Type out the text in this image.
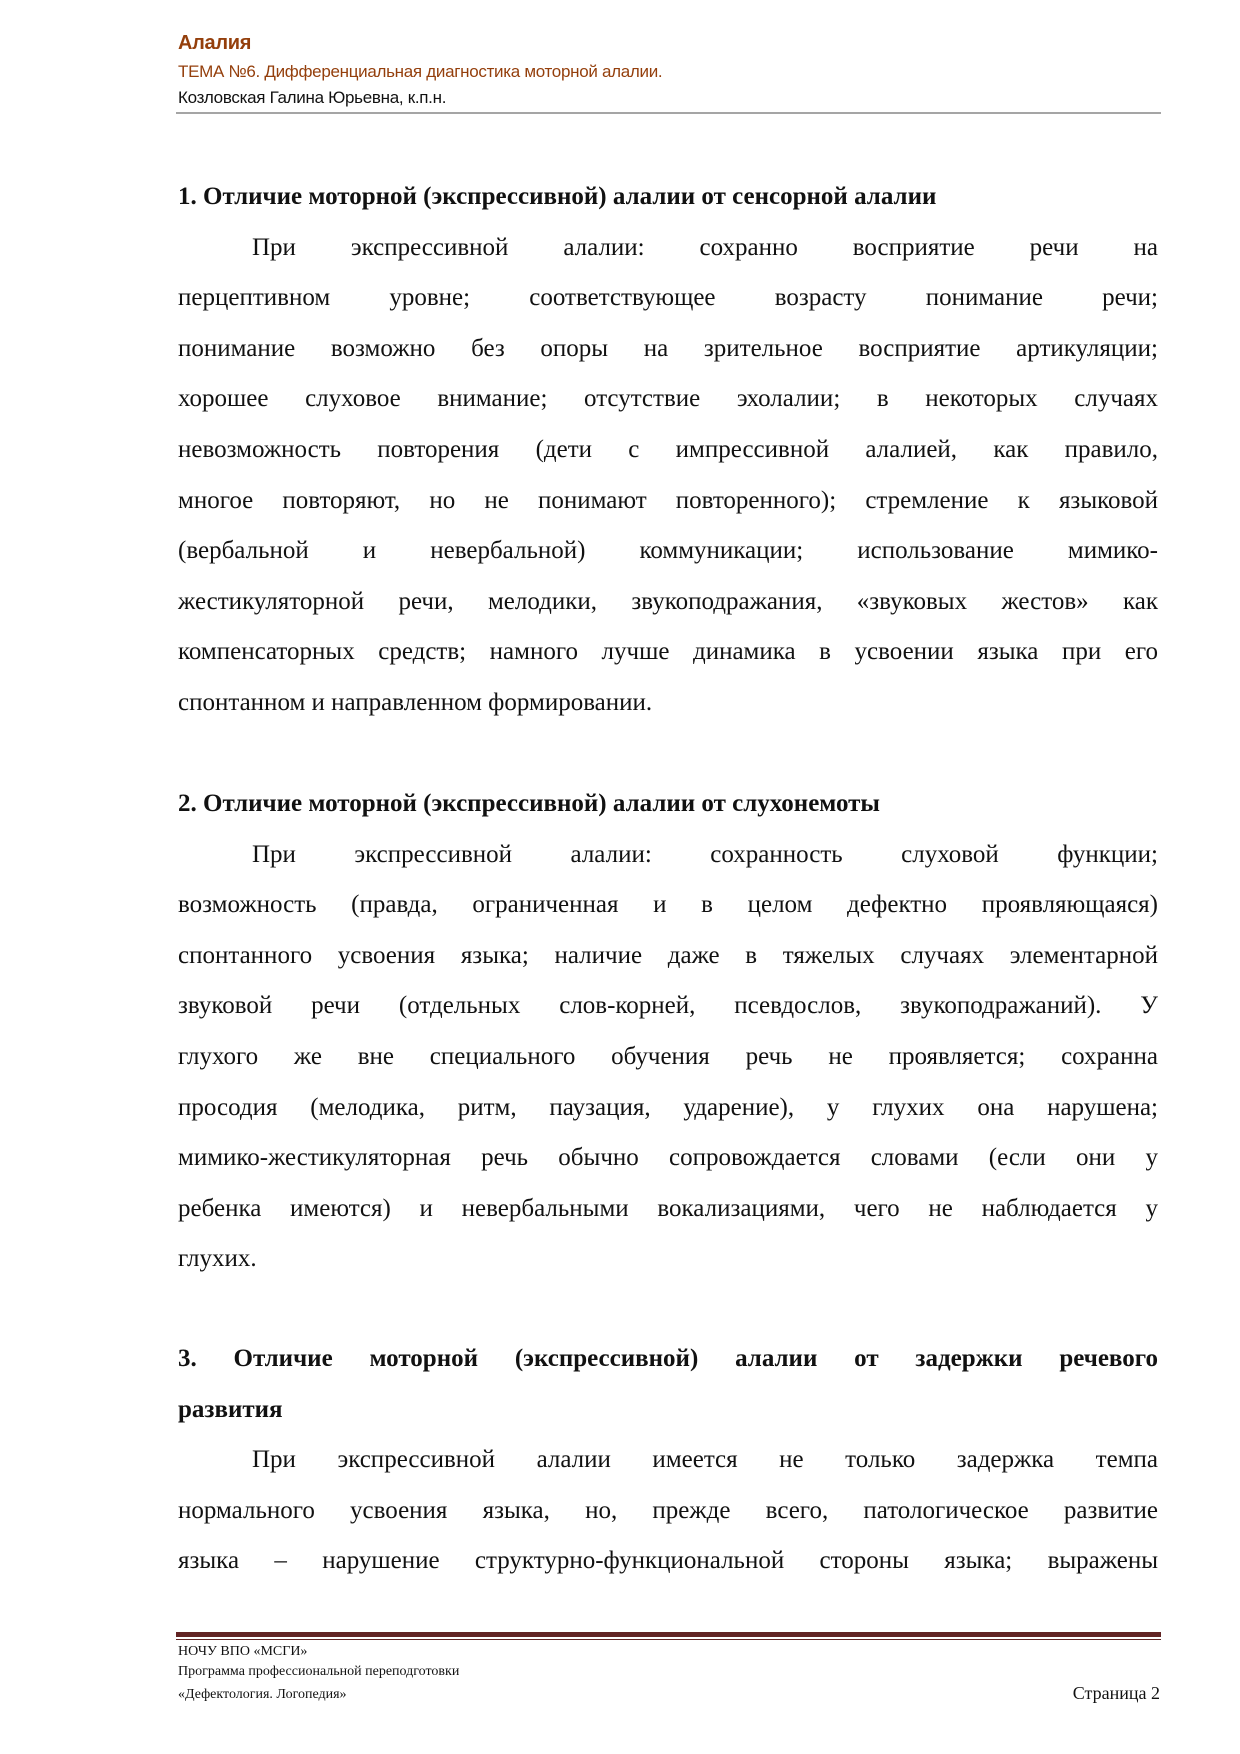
Алалия
ТЕМА №6. Дифференциальная диагностика моторной алалии.
Козловская Галина Юрьевна, к.п.н.
1. Отличие моторной (экспрессивной) алалии от сенсорной алалии
При экспрессивной алалии: сохранно восприятие речи на
перцептивном уровне; соответствующее возрасту понимание речи;
понимание возможно без опоры на зрительное восприятие артикуляции;
хорошее слуховое внимание; отсутствие эхолалии; в некоторых случаях
невозможность повторения (дети с импрессивной алалией, как правило,
многое повторяют, но не понимают повторенного); стремление к языковой
(вербальной и невербальной) коммуникации; использование мимико-
жестикуляторной речи, мелодики, звукоподражания, «звуковых жестов» как
компенсаторных средств; намного лучше динамика в усвоении языка при его
спонтанном и направленном формировании.
2. Отличие моторной (экспрессивной) алалии от слухонемоты
При экспрессивной алалии: сохранность слуховой функции;
возможность (правда, ограниченная и в целом дефектно проявляющаяся)
спонтанного усвоения языка; наличие даже в тяжелых случаях элементарной
звуковой речи (отдельных слов-корней, псевдослов, звукоподражаний). У
глухого же вне специального обучения речь не проявляется; сохранна
просодия (мелодика, ритм, паузация, ударение), у глухих она нарушена;
мимико-жестикуляторная речь обычно сопровождается словами (если они у
ребенка имеются) и невербальными вокализациями, чего не наблюдается у
глухих.
3. Отличие моторной (экспрессивной) алалии от задержки речевого
развития
При экспрессивной алалии имеется не только задержка темпа
нормального усвоения языка, но, прежде всего, патологическое развитие
языка – нарушение структурно-функциональной стороны языка; выражены
НОЧУ ВПО «МСГИ»
Программа профессиональной переподготовки
«Дефектология. Логопедия»	Страница 2
